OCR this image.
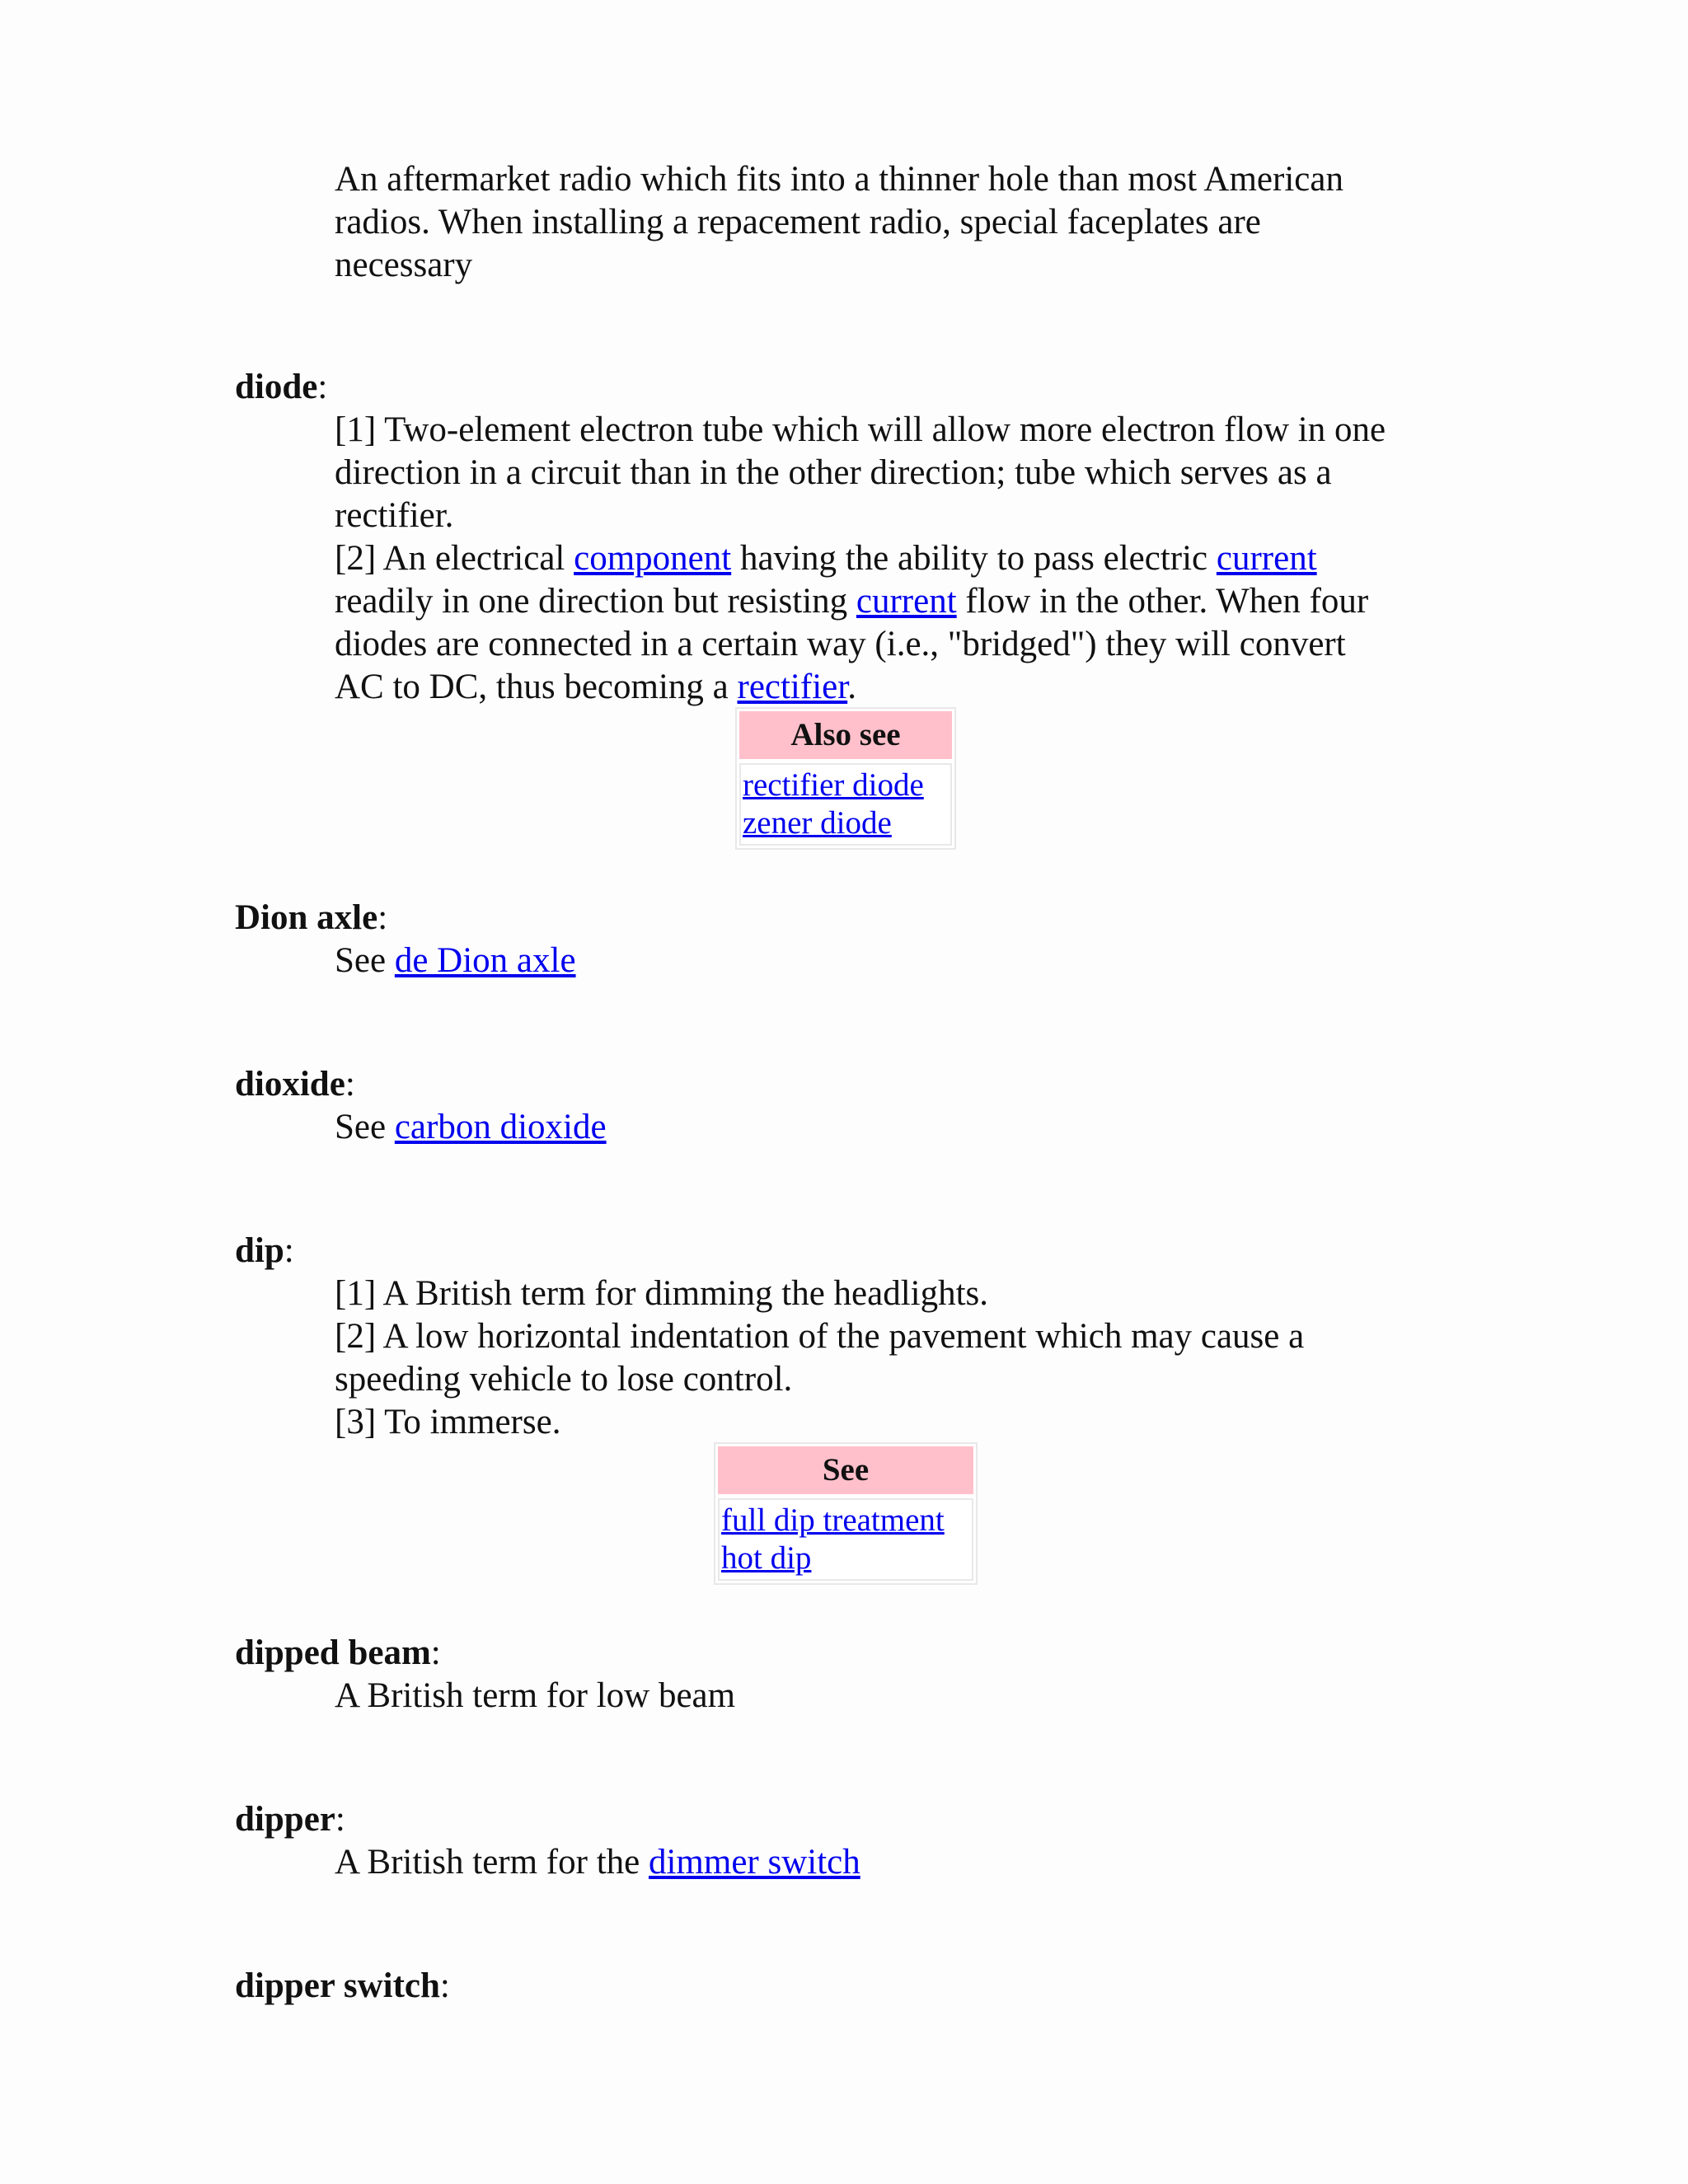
An aftermarket radio which fits into a thinner hole than most American
radios. When installing a repacement radio, special faceplates are
necessary
diode:
[1] Two-element electron tube which will allow more electron flow in one
direction in a circuit than in the other direction; tube which serves as a
rectifier.
[2] An electrical component having the ability to pass electric current
readily in one direction but resisting current flow in the other. When four
diodes are connected in a certain way (i.e., "bridged") they will convert
AC to DC, thus becoming a rectifier.
Also see
rectifier diode
zener diode
Dion axle:
See de Dion axle
dioxide:
See carbon dioxide
dip:
[1] A British term for dimming the headlights.
[2] A low horizontal indentation of the pavement which may cause a
speeding vehicle to lose control.
[3] To immerse.
See
full dip treatment
hot dip
dipped beam:
A British term for low beam
dipper:
A British term for the dimmer switch
dipper switch:
